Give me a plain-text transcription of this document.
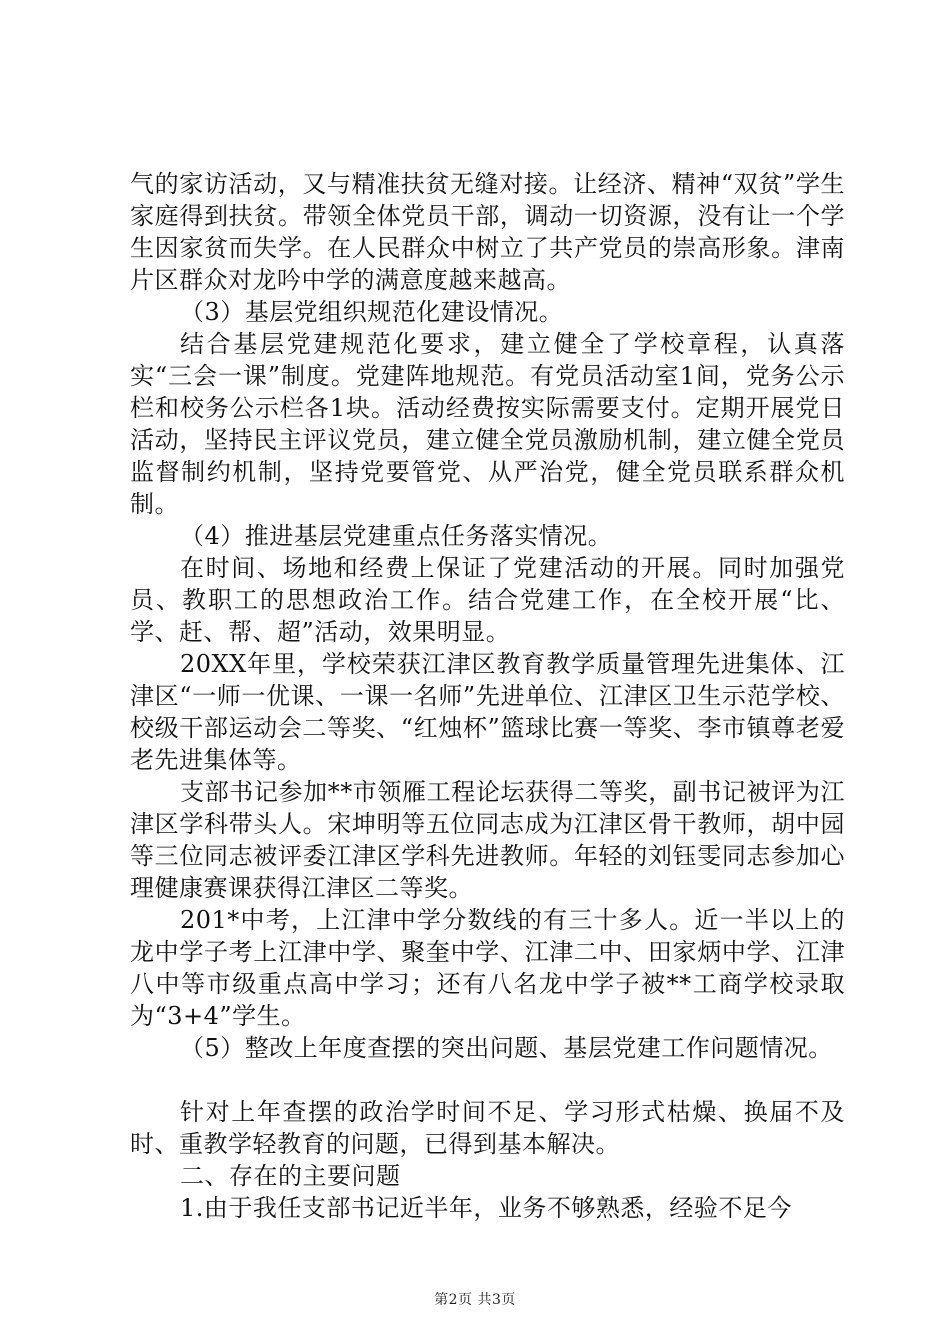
气的家访活动，又与精准扶贫无缝对接。让经济、精神“双贫”学生家庭得到扶贫。带领全体党员干部，调动一切资源，没有让一个学生因家贫而失学。在人民群众中树立了共产党员的崇高形象。津南片区群众对龙吟中学的满意度越来越高。

（3）基层党组织规范化建设情况。

结合基层党建规范化要求，建立健全了学校章程，认真落实“三会一课”制度。党建阵地规范。有党员活动室1间，党务公示栏和校务公示栏各1块。活动经费按实际需要支付。定期开展党日活动，坚持民主评议党员，建立健全党员激励机制，建立健全党员监督制约机制，坚持党要管党、从严治党，健全党员联系群众机制。

（4）推进基层党建重点任务落实情况。

在时间、场地和经费上保证了党建活动的开展。同时加强党员、教职工的思想政治工作。结合党建工作，在全校开展“比、学、赶、帮、超”活动，效果明显。

20XX年里，学校荣获江津区教育教学质量管理先进集体、江津区“一师一优课、一课一名师”先进单位、江津区卫生示范学校、校级干部运动会二等奖、“红烛杯”篮球比赛一等奖、李市镇尊老爱老先进集体等。

支部书记参加**市领雁工程论坛获得二等奖，副书记被评为江津区学科带头人。宋坤明等五位同志成为江津区骨干教师，胡中园等三位同志被评委江津区学科先进教师。年轻的刘钰雯同志参加心理健康赛课获得江津区二等奖。

201*中考，上江津中学分数线的有三十多人。近一半以上的龙中学子考上江津中学、聚奎中学、江津二中、田家炳中学、江津八中等市级重点高中学习；还有八名龙中学子被**工商学校录取为“3+4”学生。

（5）整改上年度查摆的突出问题、基层党建工作问题情况。

针对上年查摆的政治学时间不足、学习形式枯燥、换届不及时、重教学轻教育的问题，已得到基本解决。

二、存在的主要问题

1.由于我任支部书记近半年，业务不够熟悉，经验不足今

第2页 共3页
